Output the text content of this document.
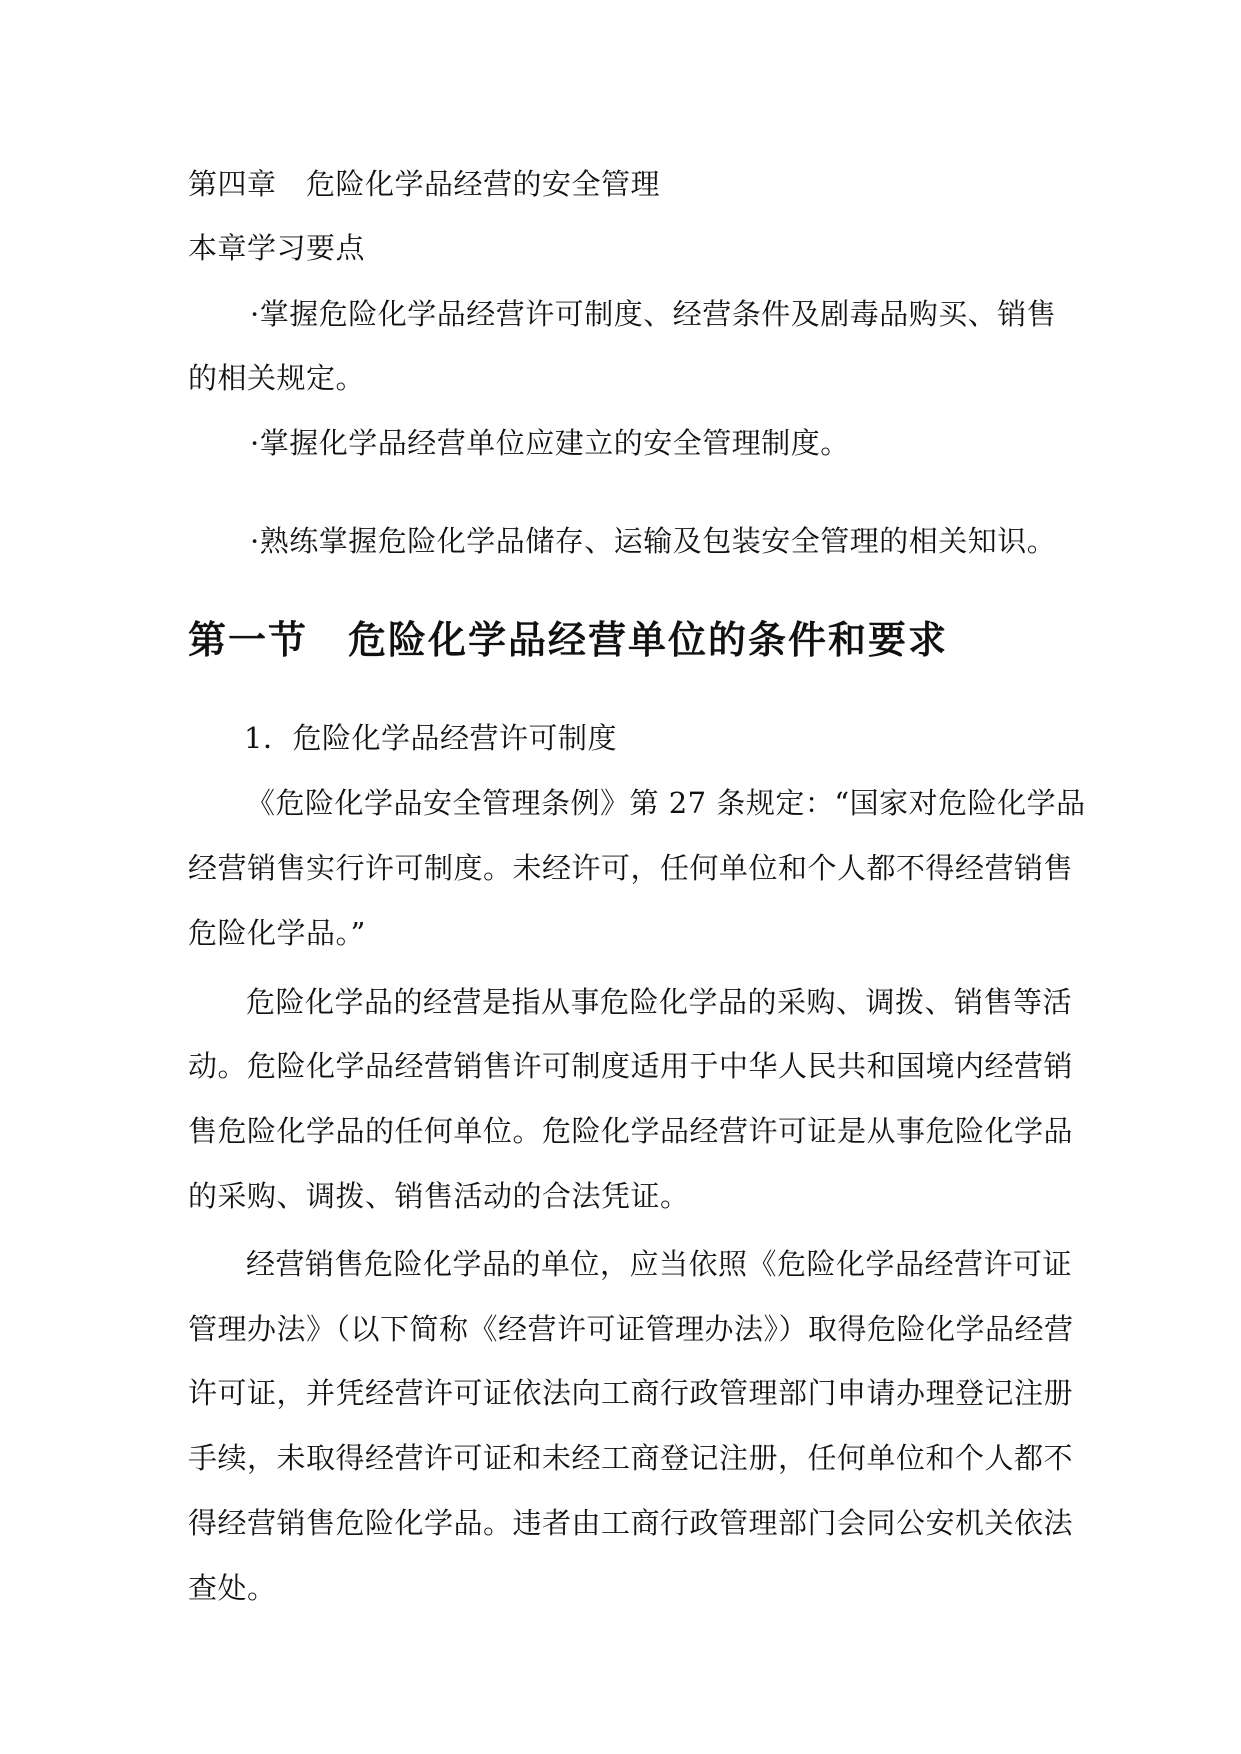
第四章　危险化学品经营的安全管理
本章学习要点
·掌握危险化学品经营许可制度、经营条件及剧毒品购买、销售
的相关规定。
·掌握化学品经营单位应建立的安全管理制度。
·熟练掌握危险化学品储存、运输及包装安全管理的相关知识。
第一节　危险化学品经营单位的条件和要求
1．危险化学品经营许可制度
《危险化学品安全管理条例》第 27 条规定：“国家对危险化学品
经营销售实行许可制度。未经许可，任何单位和个人都不得经营销售
危险化学品。”
危险化学品的经营是指从事危险化学品的采购、调拨、销售等活
动。危险化学品经营销售许可制度适用于中华人民共和国境内经营销
售危险化学品的任何单位。危险化学品经营许可证是从事危险化学品
的采购、调拨、销售活动的合法凭证。
经营销售危险化学品的单位，应当依照《危险化学品经营许可证
管理办法》（以下简称《经营许可证管理办法》）取得危险化学品经营
许可证，并凭经营许可证依法向工商行政管理部门申请办理登记注册
手续，未取得经营许可证和未经工商登记注册，任何单位和个人都不
得经营销售危险化学品。违者由工商行政管理部门会同公安机关依法
查处。
